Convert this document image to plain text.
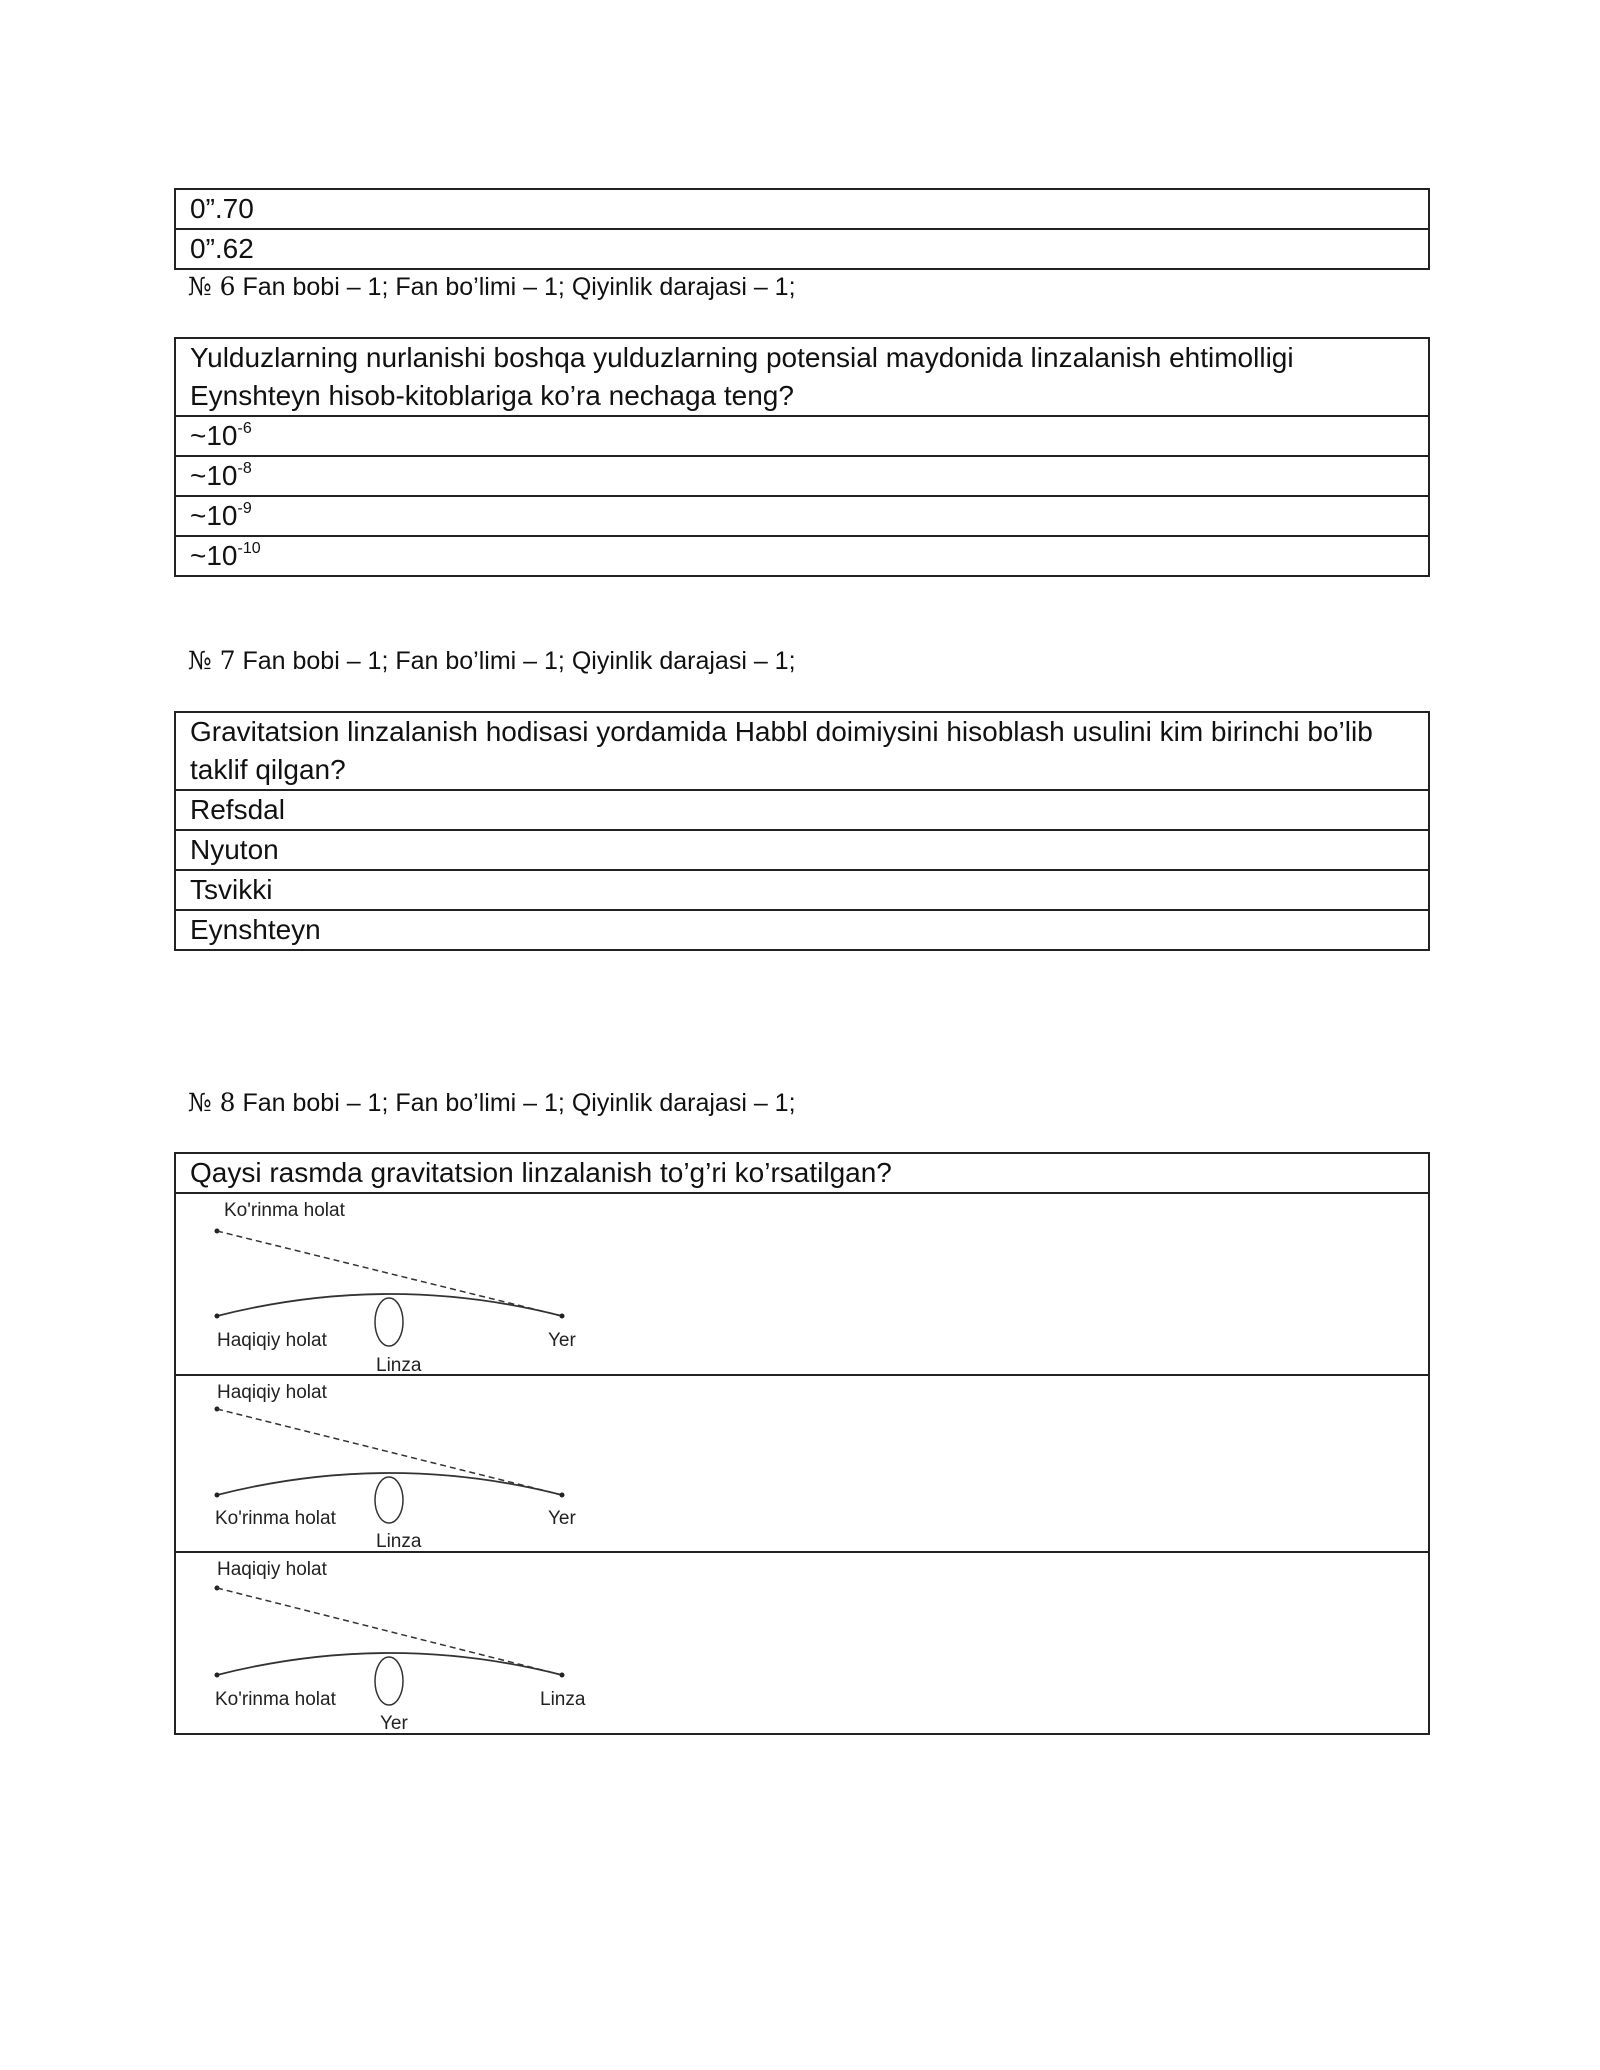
0”.70
0”.62
№ 6 Fan bobi – 1; Fan bo’limi – 1; Qiyinlik darajasi – 1;
Yulduzlarning nurlanishi boshqa yulduzlarning potensial maydonida linzalanish ehtimolligi Eynshteyn hisob-kitoblariga ko’ra nechaga teng?
$\sim 10^{-6}$
$\sim 10^{-8}$
$\sim 10^{-9}$
$\sim 10^{-10}$
№ 7 Fan bobi – 1; Fan bo’limi – 1; Qiyinlik darajasi – 1;
Gravitatsion linzalanish hodisasi yordamida Habbl doimiysini hisoblash usulini kim birinchi bo’lib taklif qilgan?
Refsdal
Nyuton
Tsvikki
Eynshteyn
№ 8 Fan bobi – 1; Fan bo’limi – 1; Qiyinlik darajasi – 1;
Qaysi rasmda gravitatsion linzalanish to’g’ri ko’rsatilgan?

Ko'rinma holat
Haqiqiy holat
Linza
Yer

Haqiqiy holat
Ko'rinma holat
Linza
Yer

Haqiqiy holat
Ko'rinma holat
Yer
Linza
